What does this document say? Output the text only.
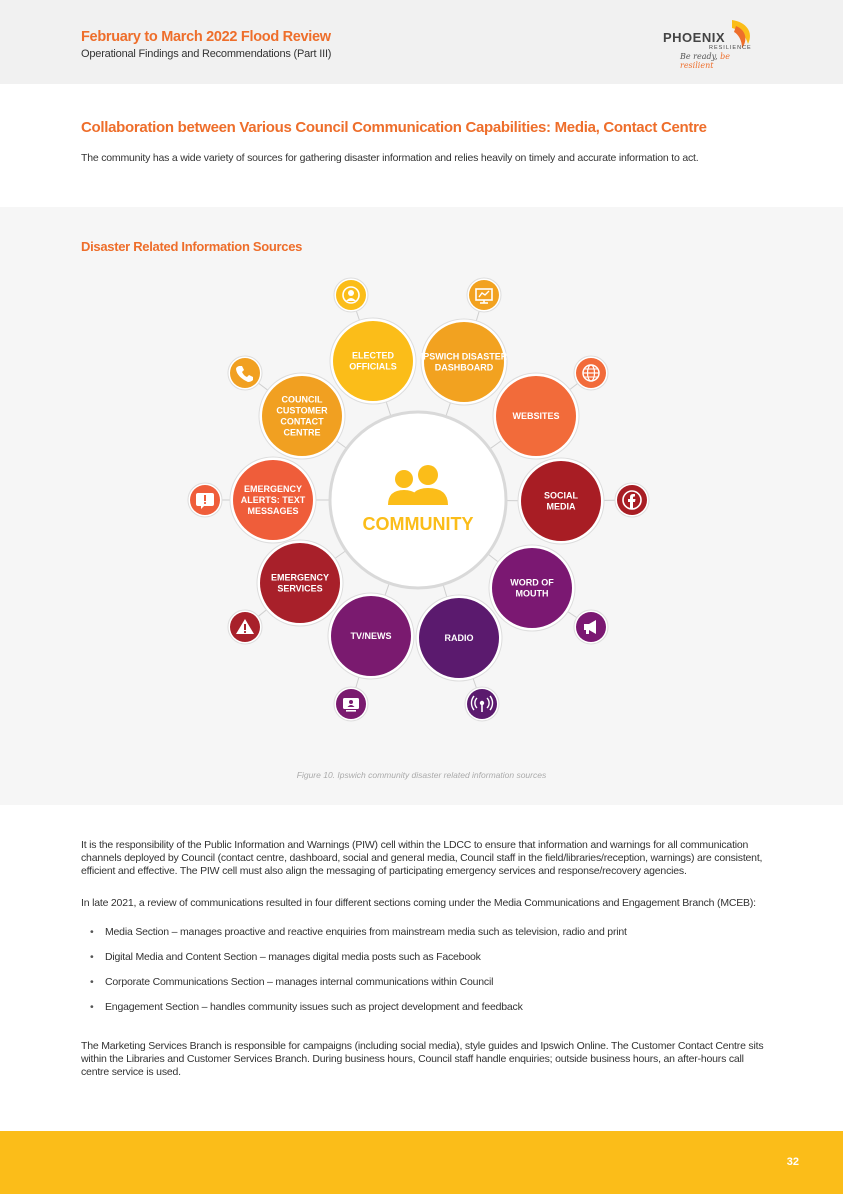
February to March 2022 Flood Review
Operational Findings and Recommendations (Part III)
PHOENIX
RESILIENCE
Be ready, be resilient
Collaboration between Various Council Communication Capabilities: Media, Contact Centre
The community has a wide variety of sources for gathering disaster information and relies heavily on timely and accurate information to act.
Disaster Related Information Sources
COMMUNITY
ELECTED
OFFICIALS
IPSWICH DISASTER
DASHBOARD
WEBSITES
SOCIAL
MEDIA
WORD OF
MOUTH
RADIO
TV/NEWS
EMERGENCY
SERVICES
EMERGENCY
ALERTS: TEXT
MESSAGES
COUNCIL
CUSTOMER
CONTACT
CENTRE
Figure 10. Ipswich community disaster related information sources

It is the responsibility of the Public Information and Warnings (PIW) cell within the LDCC to ensure that information and warnings for all communication channels deployed by Council (contact centre, dashboard, social and general media, Council staff in the field/libraries/reception, warnings) are consistent, efficient and effective. The PIW cell must also align the messaging of participating emergency services and response/recovery agencies.

In late 2021, a review of communications resulted in four different sections coming under the Media Communications and Engagement Branch (MCEB):

• Media Section – manages proactive and reactive enquiries from mainstream media such as television, radio and print
• Digital Media and Content Section – manages digital media posts such as Facebook
• Corporate Communications Section – manages internal communications within Council
• Engagement Section – handles community issues such as project development and feedback

The Marketing Services Branch is responsible for campaigns (including social media), style guides and Ipswich Online. The Customer Contact Centre sits within the Libraries and Customer Services Branch. During business hours, Council staff handle enquiries; outside business hours, an after-hours call centre service is used.

32
